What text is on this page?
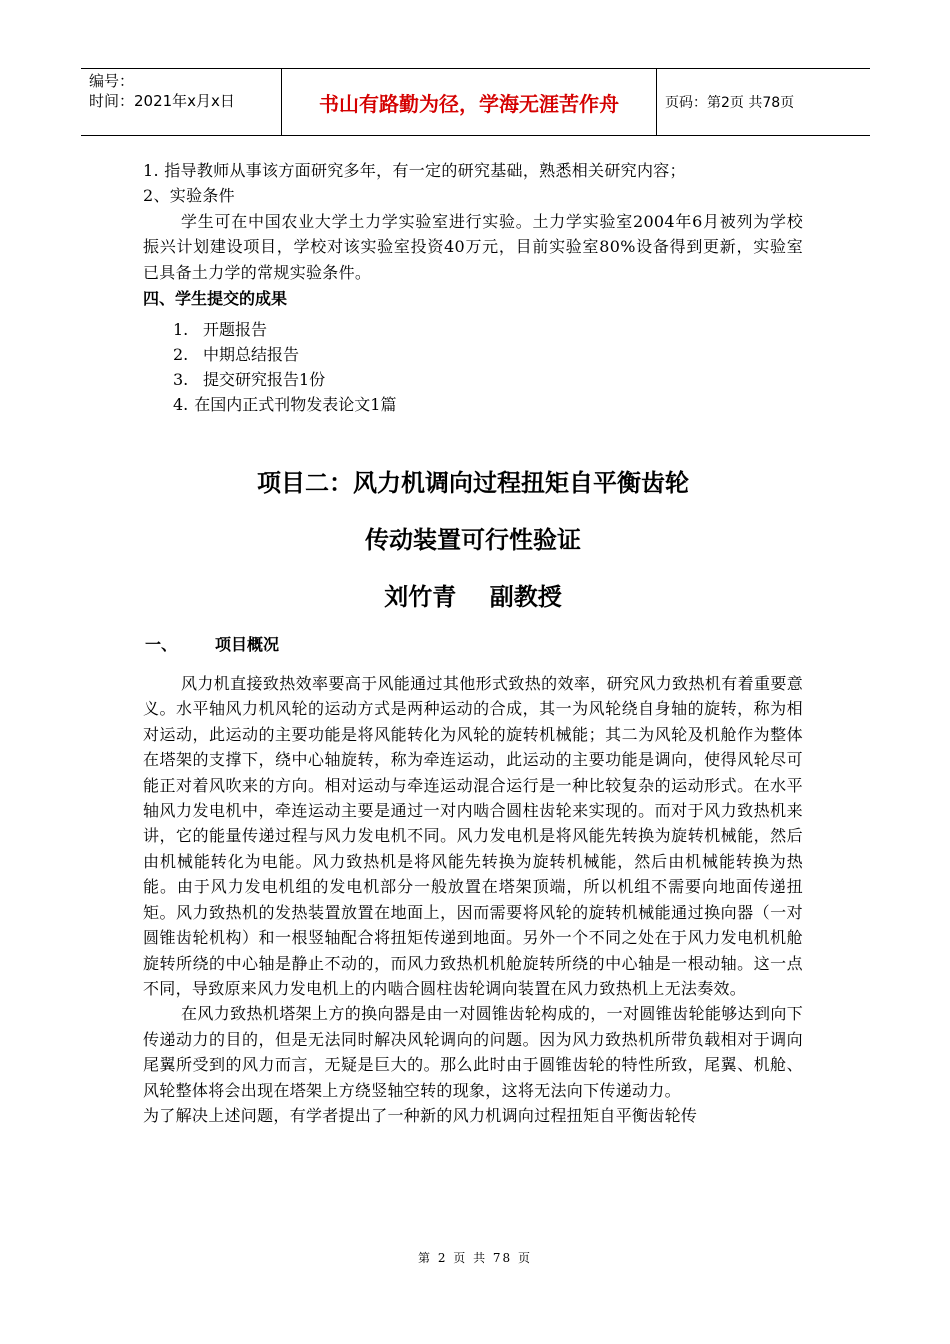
编号：
时间：2021年x月x日	书山有路勤为径，学海无涯苦作舟	页码：第2页 共78页

1. 指导教师从事该方面研究多年，有一定的研究基础，熟悉相关研究内容；

2、实验条件

学生可在中国农业大学土力学实验室进行实验。土力学实验室2004年6月被列为学校振兴计划建设项目，学校对该实验室投资40万元，目前实验室80%设备得到更新，实验室已具备土力学的常规实验条件。

四、学生提交的成果
1. 开题报告
2. 中期总结报告
3. 提交研究报告1份
4. 在国内正式刊物发表论文1篇
项目二：风力机调向过程扭矩自平衡齿轮
传动装置可行性验证
刘竹青    副教授
一、 项目概况

风力机直接致热效率要高于风能通过其他形式致热的效率，研究风力致热机有着重要意义。水平轴风力机风轮的运动方式是两种运动的合成，其一为风轮绕自身轴的旋转，称为相对运动，此运动的主要功能是将风能转化为风轮的旋转机械能；其二为风轮及机舱作为整体在塔架的支撑下，绕中心轴旋转，称为牵连运动，此运动的主要功能是调向，使得风轮尽可能正对着风吹来的方向。相对运动与牵连运动混合运行是一种比较复杂的运动形式。在水平轴风力发电机中，牵连运动主要是通过一对内啮合圆柱齿轮来实现的。而对于风力致热机来讲，它的能量传递过程与风力发电机不同。风力发电机是将风能先转换为旋转机械能，然后由机械能转化为电能。风力致热机是将风能先转换为旋转机械能，然后由机械能转换为热能。由于风力发电机组的发电机部分一般放置在塔架顶端，所以机组不需要向地面传递扭矩。风力致热机的发热装置放置在地面上，因而需要将风轮的旋转机械能通过换向器（一对圆锥齿轮机构）和一根竖轴配合将扭矩传递到地面。另外一个不同之处在于风力发电机机舱旋转所绕的中心轴是静止不动的，而风力致热机机舱旋转所绕的中心轴是一根动轴。这一点不同，导致原来风力发电机上的内啮合圆柱齿轮调向装置在风力致热机上无法奏效。

在风力致热机塔架上方的换向器是由一对圆锥齿轮构成的，一对圆锥齿轮能够达到向下传递动力的目的，但是无法同时解决风轮调向的问题。因为风力致热机所带负载相对于调向尾翼所受到的风力而言，无疑是巨大的。那么此时由于圆锥齿轮的特性所致，尾翼、机舱、风轮整体将会出现在塔架上方绕竖轴空转的现象，这将无法向下传递动力。

为了解决上述问题，有学者提出了一种新的风力机调向过程扭矩自平衡齿轮传

第 2 页 共 78 页
